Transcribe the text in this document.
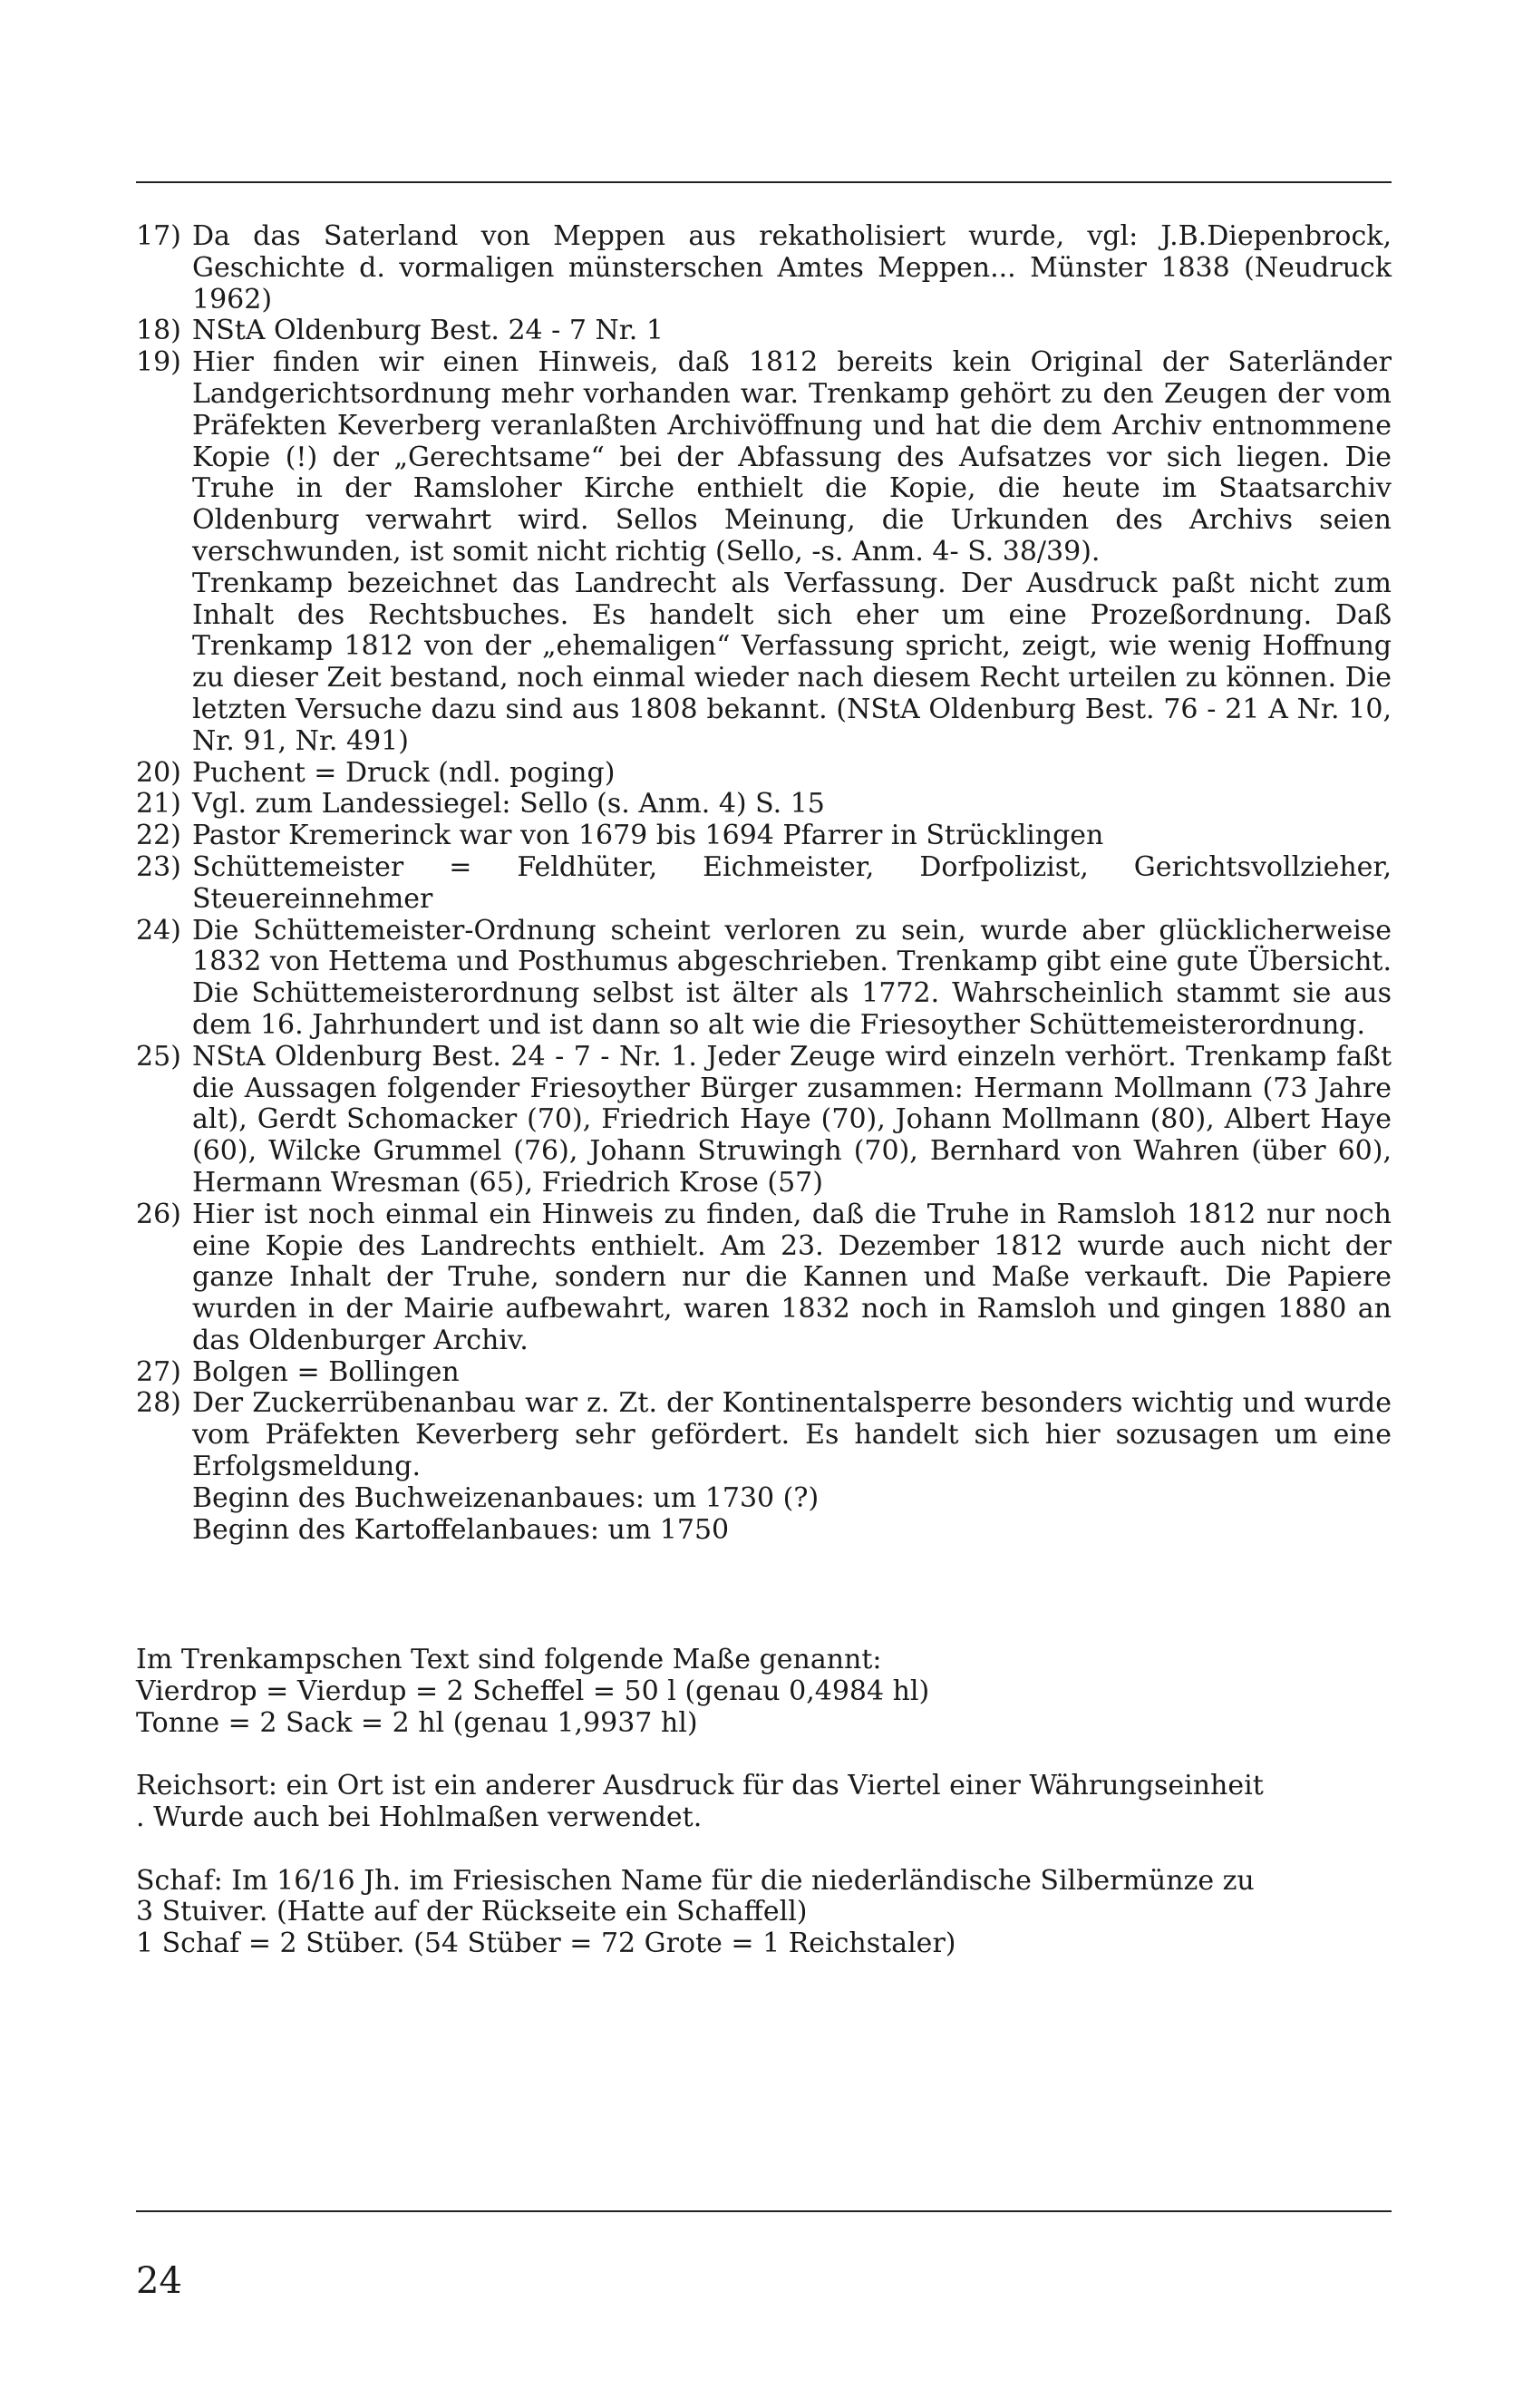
17) Da das Saterland von Meppen aus rekatholisiert wurde, vgl: J.B.Diepenbrock, Geschichte d. vormaligen münsterschen Amtes Meppen... Münster 1838 (Neudruck 1962)

18) NStA Oldenburg Best. 24 - 7 Nr. 1

19) Hier finden wir einen Hinweis, daß 1812 bereits kein Original der Saterländer Landgerichtsordnung mehr vorhanden war. Trenkamp gehört zu den Zeugen der vom Präfekten Keverberg veranlaßten Archivöffnung und hat die dem Archiv entnommene Kopie (!) der „Gerechtsame“ bei der Abfassung des Aufsatzes vor sich liegen. Die Truhe in der Ramsloher Kirche enthielt die Kopie, die heute im Staatsarchiv Oldenburg verwahrt wird. Sellos Meinung, die Urkunden des Archivs seien verschwunden, ist somit nicht richtig (Sello, -s. Anm. 4- S. 38/39).

Trenkamp bezeichnet das Landrecht als Verfassung. Der Ausdruck paßt nicht zum Inhalt des Rechtsbuches. Es handelt sich eher um eine Prozeßordnung. Daß Trenkamp 1812 von der „ehemaligen“ Verfassung spricht, zeigt, wie wenig Hoffnung zu dieser Zeit bestand, noch einmal wieder nach diesem Recht urteilen zu können. Die letzten Versuche dazu sind aus 1808 bekannt. (NStA Oldenburg Best. 76 - 21 A Nr. 10, Nr. 91, Nr. 491)

20) Puchent = Druck (ndl. poging)

21) Vgl. zum Landessiegel: Sello (s. Anm. 4) S. 15

22) Pastor Kremerinck war von 1679 bis 1694 Pfarrer in Strücklingen

23) Schüttemeister = Feldhüter, Eichmeister, Dorfpolizist, Gerichtsvollzieher, Steuereinnehmer

24) Die Schüttemeister-Ordnung scheint verloren zu sein, wurde aber glücklicherweise 1832 von Hettema und Posthumus abgeschrieben. Trenkamp gibt eine gute Übersicht. Die Schüttemeisterordnung selbst ist älter als 1772. Wahrscheinlich stammt sie aus dem 16. Jahrhundert und ist dann so alt wie die Friesoyther Schüttemeisterordnung.

25) NStA Oldenburg Best. 24 - 7 - Nr. 1. Jeder Zeuge wird einzeln verhört. Trenkamp faßt die Aussagen folgender Friesoyther Bürger zusammen: Hermann Mollmann (73 Jahre alt), Gerdt Schomacker (70), Friedrich Haye (70), Johann Mollmann (80), Albert Haye (60), Wilcke Grummel (76), Johann Struwingh (70), Bernhard von Wahren (über 60), Hermann Wresman (65), Friedrich Krose (57)

26) Hier ist noch einmal ein Hinweis zu finden, daß die Truhe in Ramsloh 1812 nur noch eine Kopie des Landrechts enthielt. Am 23. Dezember 1812 wurde auch nicht der ganze Inhalt der Truhe, sondern nur die Kannen und Maße verkauft. Die Papiere wurden in der Mairie aufbewahrt, waren 1832 noch in Ramsloh und gingen 1880 an das Oldenburger Archiv.

27) Bolgen = Bollingen

28) Der Zuckerrübenanbau war z. Zt. der Kontinentalsperre besonders wichtig und wurde vom Präfekten Keverberg sehr gefördert. Es handelt sich hier sozusagen um eine Erfolgsmeldung.

Beginn des Buchweizenanbaues: um 1730 (?)

Beginn des Kartoffelanbaues: um 1750

Im Trenkampschen Text sind folgende Maße genannt:
Vierdrop = Vierdup = 2 Scheffel = 50 l (genau 0,4984 hl)
Tonne = 2 Sack = 2 hl (genau 1,9937 hl)
Reichsort: ein Ort ist ein anderer Ausdruck für das Viertel einer Währungseinheit
. Wurde auch bei Hohlmaßen verwendet.
Schaf: Im 16/16 Jh. im Friesischen Name für die niederländische Silbermünze zu
3 Stuiver. (Hatte auf der Rückseite ein Schaffell)
1 Schaf = 2 Stüber. (54 Stüber = 72 Grote = 1 Reichstaler)
24
